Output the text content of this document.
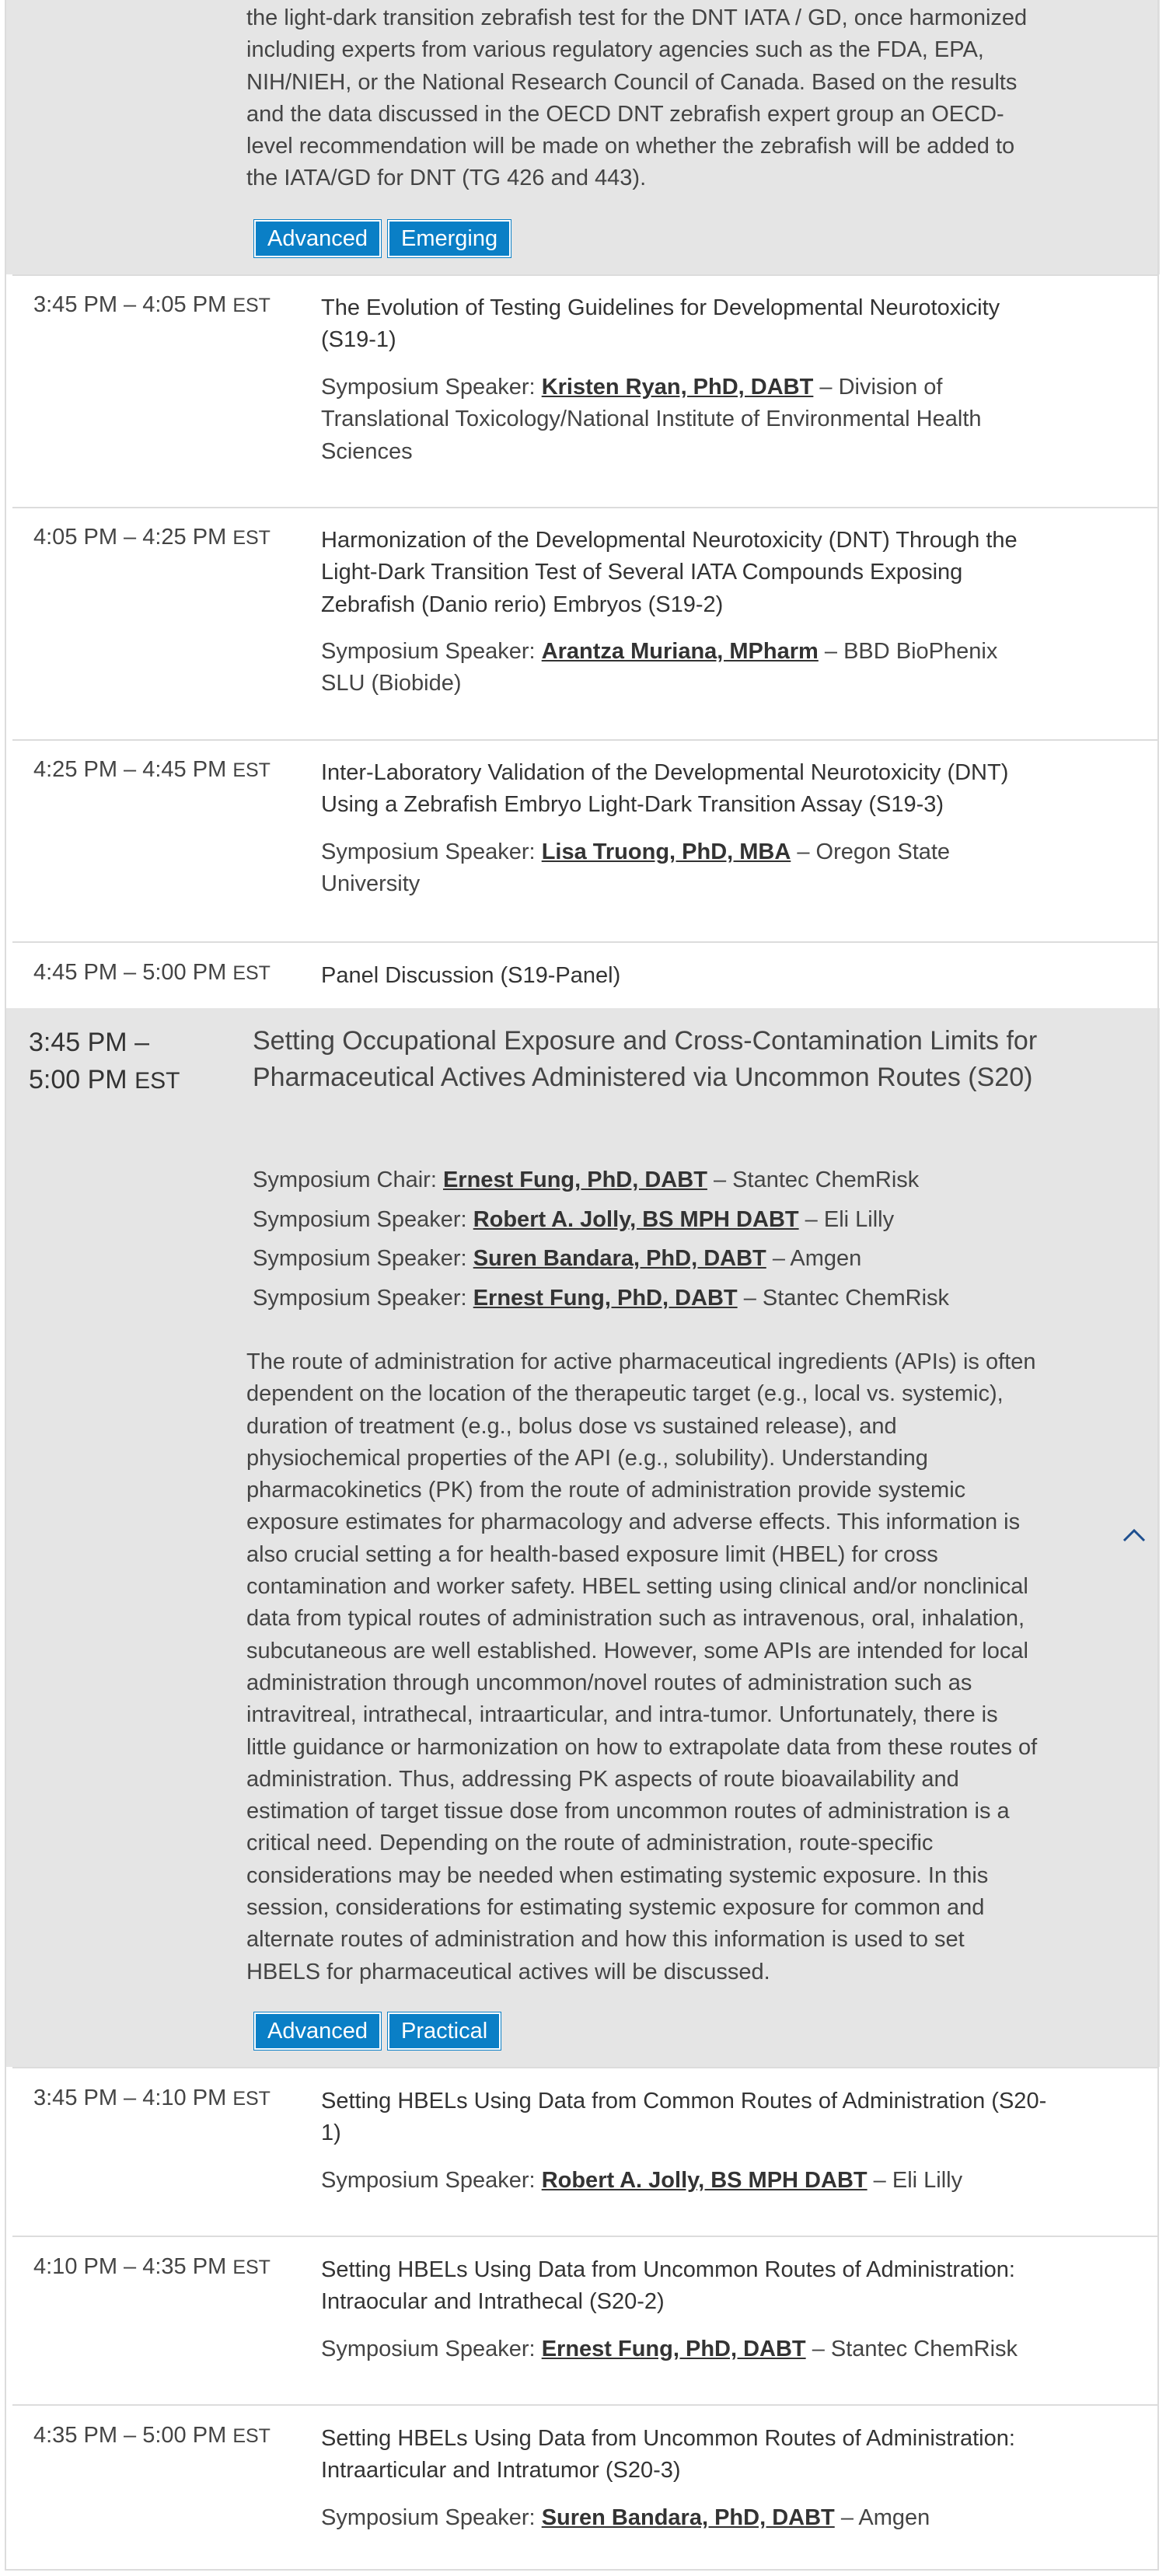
the light-dark transition zebrafish test for the DNT IATA / GD, once harmonized including experts from various regulatory agencies such as the FDA, EPA, NIH/NIEH, or the National Research Council of Canada. Based on the results and the data discussed in the OECD DNT zebrafish expert group an OECD-level recommendation will be made on whether the zebrafish will be added to the IATA/GD for DNT (TG 426 and 443).

Advanced	Emerging
3:45 PM – 4:05 PM EST The Evolution of Testing Guidelines for Developmental Neurotoxicity (S19-1)
Symposium Speaker: Kristen Ryan, PhD, DABT – Division of Translational Toxicology/National Institute of Environmental Health Sciences
4:05 PM – 4:25 PM EST Harmonization of the Developmental Neurotoxicity (DNT) Through the Light-Dark Transition Test of Several IATA Compounds Exposing Zebrafish (Danio rerio) Embryos (S19-2)
Symposium Speaker: Arantza Muriana, MPharm – BBD BioPhenix SLU (Biobide)
4:25 PM – 4:45 PM EST Inter-Laboratory Validation of the Developmental Neurotoxicity (DNT) Using a Zebrafish Embryo Light-Dark Transition Assay (S19-3)
Symposium Speaker: Lisa Truong, PhD, MBA – Oregon State University
4:45 PM – 5:00 PM EST Panel Discussion (S19-Panel)
3:45 PM –
5:00 PM EST
Setting Occupational Exposure and Cross-Contamination Limits for Pharmaceutical Actives Administered via Uncommon Routes (S20)
Symposium Chair: Ernest Fung, PhD, DABT – Stantec ChemRisk
Symposium Speaker: Robert A. Jolly, BS MPH DABT – Eli Lilly
Symposium Speaker: Suren Bandara, PhD, DABT – Amgen
Symposium Speaker: Ernest Fung, PhD, DABT – Stantec ChemRisk

The route of administration for active pharmaceutical ingredients (APIs) is often dependent on the location of the therapeutic target (e.g., local vs. systemic), duration of treatment (e.g., bolus dose vs sustained release), and physiochemical properties of the API (e.g., solubility). Understanding pharmacokinetics (PK) from the route of administration provide systemic exposure estimates for pharmacology and adverse effects. This information is also crucial setting a for health-based exposure limit (HBEL) for cross contamination and worker safety. HBEL setting using clinical and/or nonclinical data from typical routes of administration such as intravenous, oral, inhalation, subcutaneous are well established. However, some APIs are intended for local administration through uncommon/novel routes of administration such as intravitreal, intrathecal, intraarticular, and intra-tumor. Unfortunately, there is little guidance or harmonization on how to extrapolate data from these routes of administration. Thus, addressing PK aspects of route bioavailability and estimation of target tissue dose from uncommon routes of administration is a critical need. Depending on the route of administration, route-specific considerations may be needed when estimating systemic exposure. In this session, considerations for estimating systemic exposure for common and alternate routes of administration and how this information is used to set HBELS for pharmaceutical actives will be discussed.

Advanced	Practical
3:45 PM – 4:10 PM EST Setting HBELs Using Data from Common Routes of Administration (S20-1)
Symposium Speaker: Robert A. Jolly, BS MPH DABT – Eli Lilly
4:10 PM – 4:35 PM EST Setting HBELs Using Data from Uncommon Routes of Administration: Intraocular and Intrathecal (S20-2)
Symposium Speaker: Ernest Fung, PhD, DABT – Stantec ChemRisk
4:35 PM – 5:00 PM EST Setting HBELs Using Data from Uncommon Routes of Administration: Intraarticular and Intratumor (S20-3)
Symposium Speaker: Suren Bandara, PhD, DABT – Amgen
